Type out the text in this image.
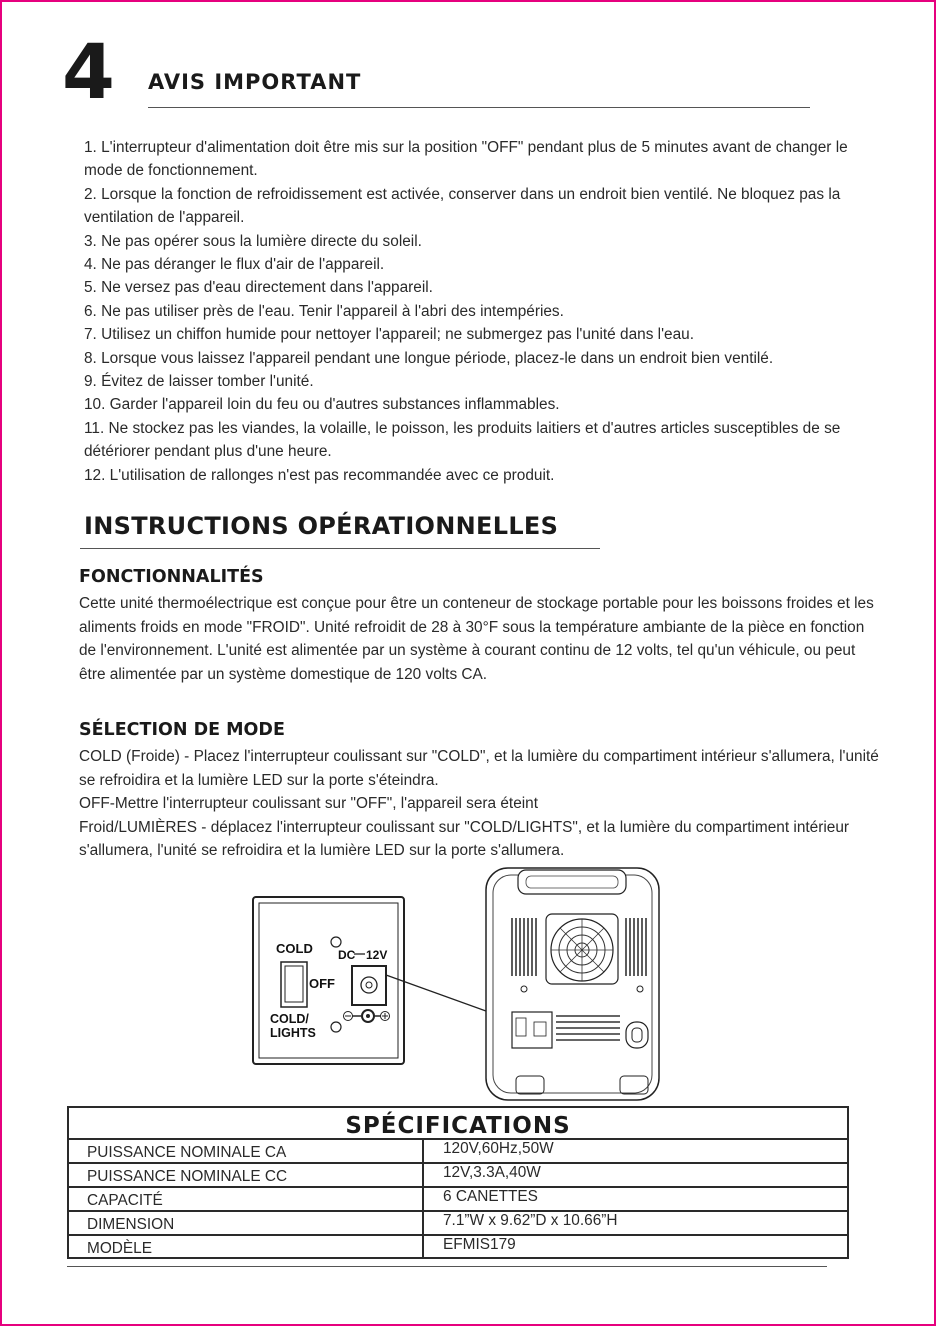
4 AVIS IMPORTANT

1. L'interrupteur d'alimentation doit être mis sur la position "OFF" pendant plus de 5 minutes avant de changer le mode de fonctionnement.

2. Lorsque la fonction de refroidissement est activée, conserver dans un endroit bien ventilé. Ne bloquez pas la ventilation de l'appareil.

3. Ne pas opérer sous la lumière directe du soleil.

4. Ne pas déranger le flux d'air de l'appareil.

5. Ne versez pas d'eau directement dans l'appareil.

6. Ne pas utiliser près de l'eau. Tenir l'appareil à l'abri des intempéries.

7. Utilisez un chiffon humide pour nettoyer l'appareil; ne submergez pas l'unité dans l'eau.

8. Lorsque vous laissez l'appareil pendant une longue période, placez-le dans un endroit bien ventilé.

9. Évitez de laisser tomber l'unité.

10. Garder l'appareil loin du feu ou d'autres substances inflammables.

11. Ne stockez pas les viandes, la volaille, le poisson, les produits laitiers et d'autres articles susceptibles de se détériorer pendant plus d'une heure.

12. L'utilisation de rallonges n'est pas recommandée avec ce produit.

INSTRUCTIONS OPÉRATIONNELLES
FONCTIONNALITÉS

Cette unité thermoélectrique est conçue pour être un conteneur de stockage portable pour les boissons froides et les aliments froids en mode "FROID". Unité refroidit de 28 à 30°F sous la température ambiante de la pièce en fonction de l'environnement. L'unité est alimentée par un système à courant continu de 12 volts, tel qu'un véhicule, ou peut être alimentée par un système domestique de 120 volts CA.

SÉLECTION DE MODE

COLD (Froide) - Placez l'interrupteur coulissant sur "COLD", et la lumière du compartiment intérieur s'allumera, l'unité se refroidira et la lumière LED sur la porte s'éteindra.

OFF-Mettre l'interrupteur coulissant sur "OFF", l'appareil sera éteint

Froid/LUMIÈRES - déplacez l'interrupteur coulissant sur "COLD/LIGHTS", et la lumière du compartiment intérieur s'allumera, l'unité se refroidira et la lumière LED sur la porte s'allumera.

COLD DC 12V
OFF
COLD/
LIGHTS
SPÉCIFICATIONS
PUISSANCE NOMINALE CA	120V,60Hz,50W
PUISSANCE NOMINALE CC	12V,3.3A,40W
CAPACITÉ	6 CANETTES
DIMENSION	7.1”W x 9.62”D x 10.66”H
MODÈLE	EFMIS179
